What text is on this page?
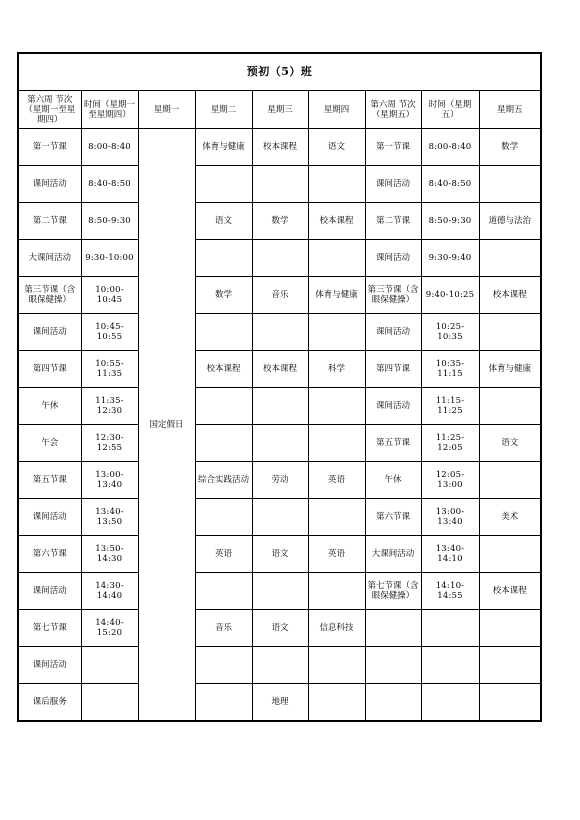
预初（5）班								
第六周 节次（星期一至星期四）	时间（星期一至星期四）	星期一	星期二	星期三	星期四	第六周 节次（星期五）	时间（星期五）	星期五
第一节课	8:00-8:40	国定假日	体育与健康	校本课程	语文	第一节课	8:00-8:40	数学
课间活动	8:40-8:50					课间活动	8:40-8:50	
第二节课	8:50-9:30		语文	数学	校本课程	第二节课	8:50-9:30	道德与法治
大课间活动	9:30-10:00					课间活动	9:30-9:40	
第三节课（含眼保健操）	10:00-10:45		数学	音乐	体育与健康	第三节课（含眼保健操）	9:40-10:25	校本课程
课间活动	10:45-10:55					课间活动	10:25-10:35	
第四节课	10:55-11:35		校本课程	校本课程	科学	第四节课	10:35-11:15	体育与健康
午休	11:35-12:30					课间活动	11:15-11:25	
午会	12:30-12:55					第五节课	11:25-12:05	语文
第五节课	13:00-13:40		综合实践活动	劳动	英语	午休	12:05-13:00	
课间活动	13:40-13:50					第六节课	13:00-13:40	美术
第六节课	13:50-14:30		英语	语文	英语	大课间活动	13:40-14:10	
课间活动	14:30-14:40					第七节课（含眼保健操）	14:10-14:55	校本课程
第七节课	14:40-15:20		音乐	语文	信息科技			
课间活动								
课后服务				地理				
